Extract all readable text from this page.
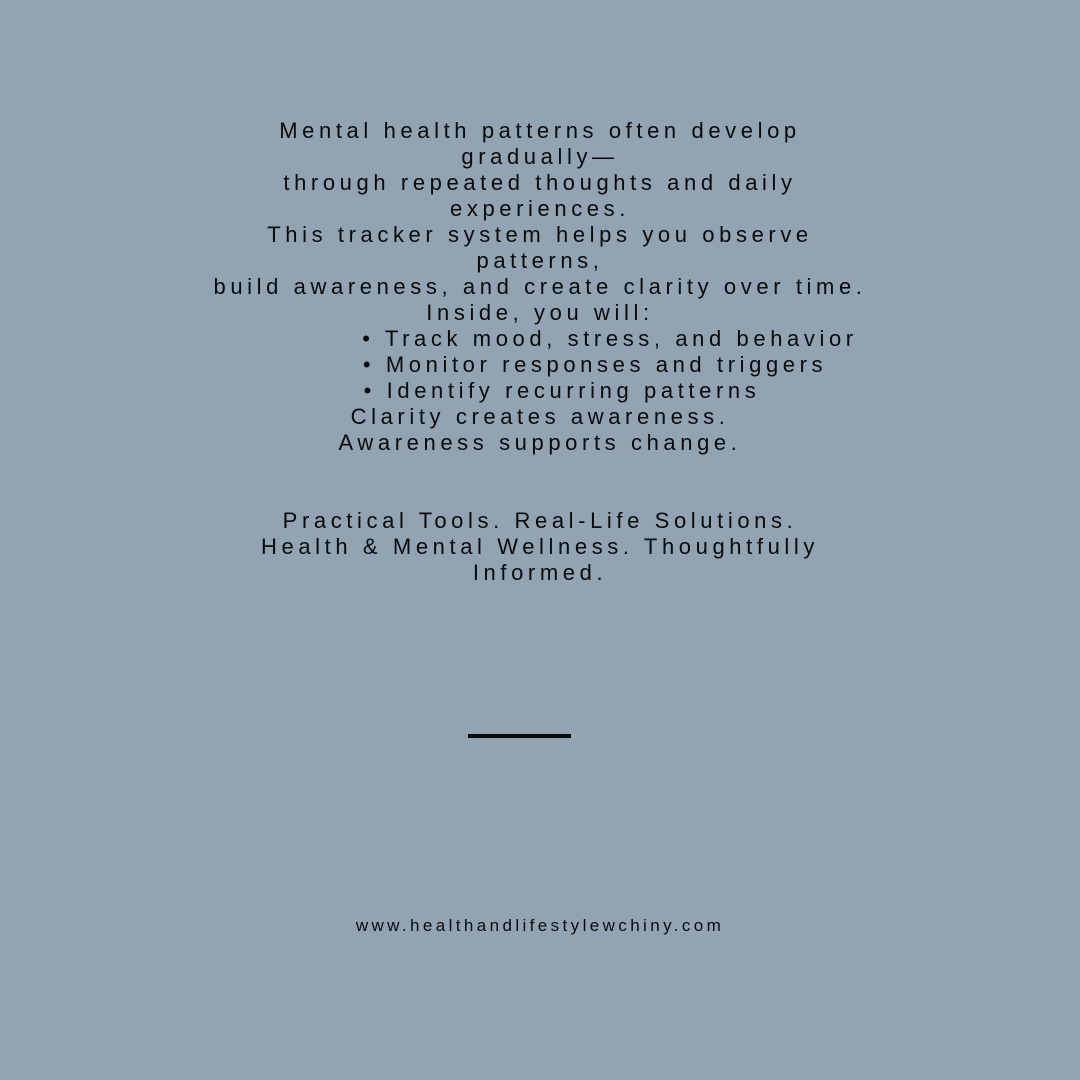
Mental health patterns often develop
gradually—
through repeated thoughts and daily
experiences.
This tracker system helps you observe
patterns,
build awareness, and create clarity over time.
Inside, you will:
• Track mood, stress, and behavior
• Monitor responses and triggers
• Identify recurring patterns
Clarity creates awareness.
Awareness supports change.
Practical Tools. Real-Life Solutions.
Health & Mental Wellness. Thoughtfully
Informed.
www.healthandlifestylewchiny.com
